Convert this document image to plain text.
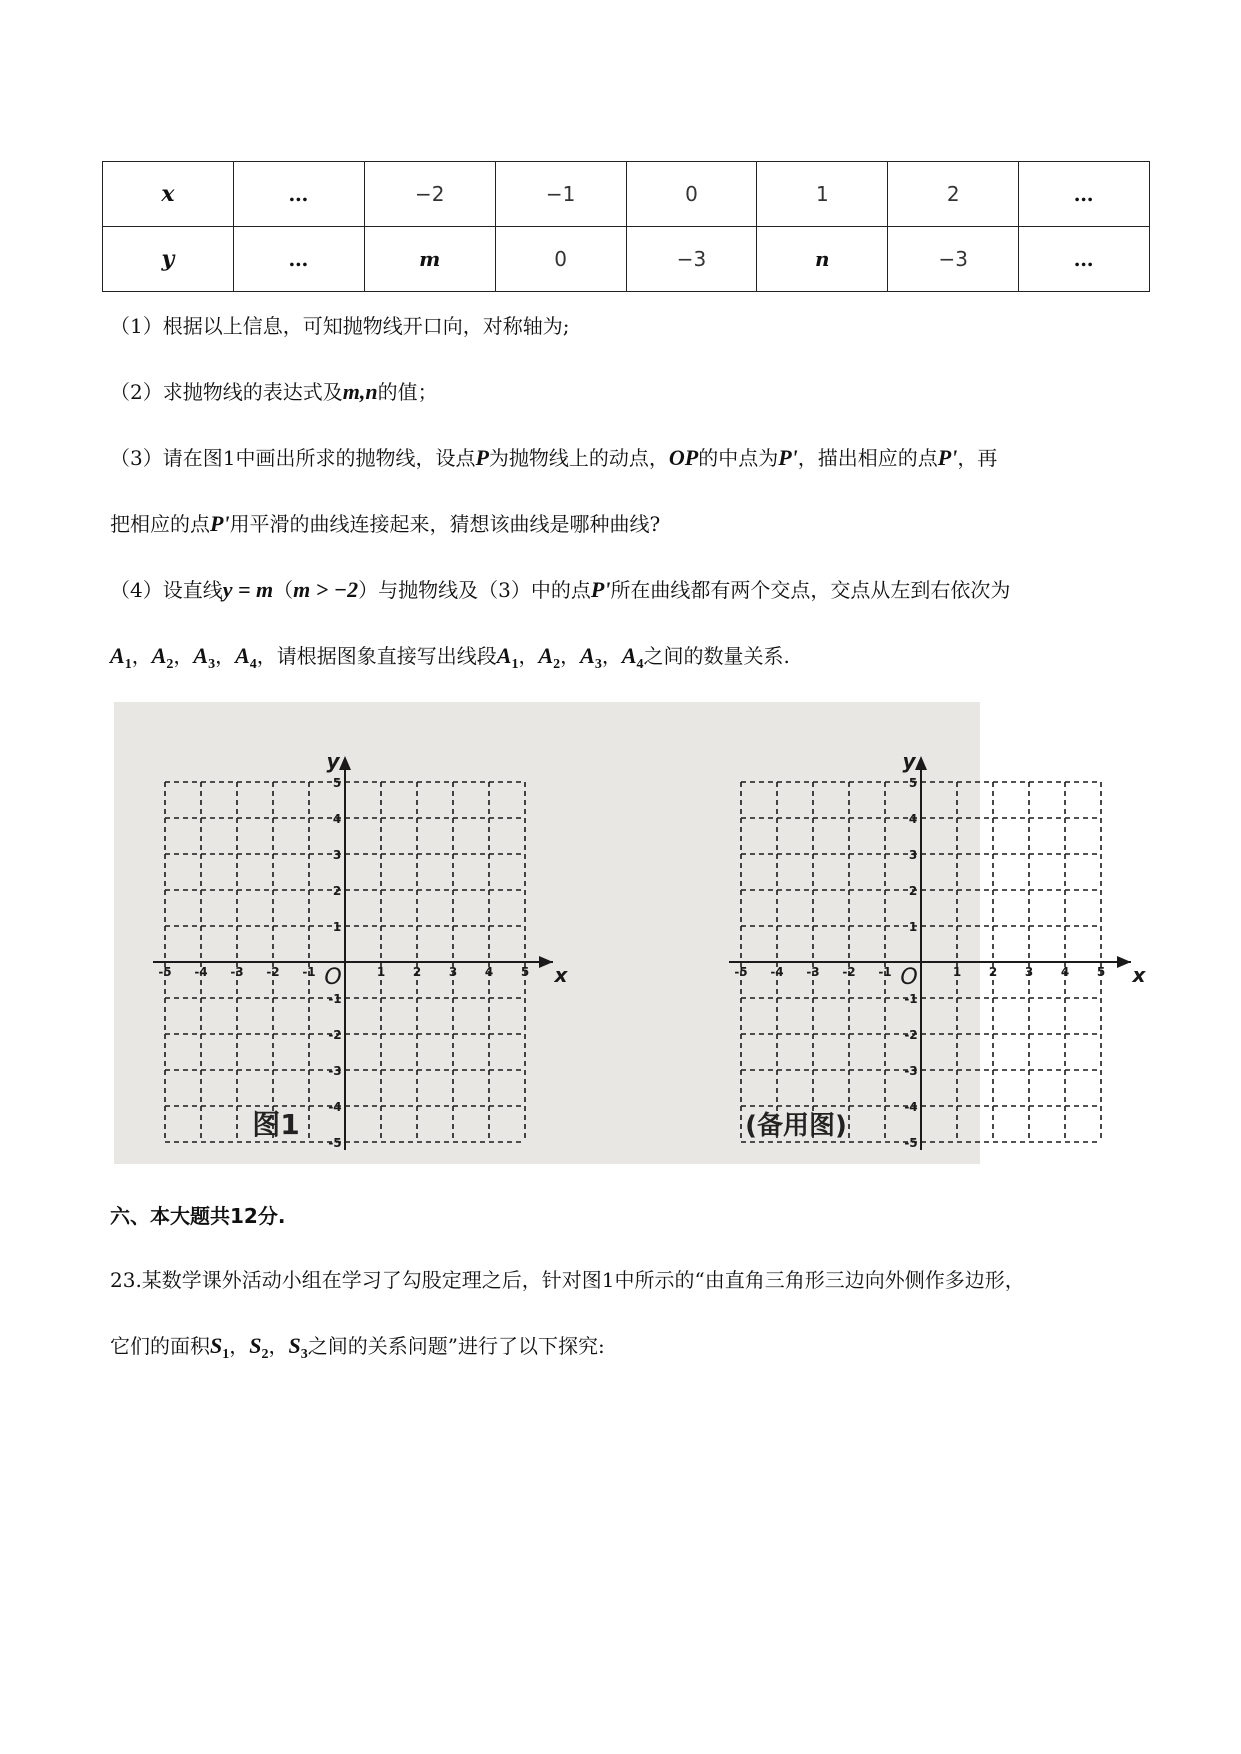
x	…	−2	−1	0	1	2	…
y	…	m	0	−3	n	−3	…
（1）根据以上信息，可知抛物线开口向，对称轴为;
（2）求抛物线的表达式及m,n的值；
（3）请在图1中画出所求的抛物线，设点P为抛物线上的动点，OP的中点为P'，描出相应的点P'，再
把相应的点P'用平滑的曲线连接起来，猜想该曲线是哪种曲线?
（4）设直线y = m（m > −2）与抛物线及（3）中的点P'所在曲线都有两个交点，交点从左到右依次为
$A_1$，$A_2$，$A_3$，$A_4$，请根据图象直接写出线段$A_1$，$A_2$，$A_3$，$A_4$之间的数量关系.
x
y
O
-5 -4 -3 -2 -1	1 2 3 4 5
5
-1
4
-2
3
-3
2
-4
1
-5
x
y
O
-5 -4 -3 -2 -1	1 2 3 4 5
5
-1
4
-2
3
-3
2
-4
1
-5
图1	(备用图)
六、本大题共12分.
23.某数学课外活动小组在学习了勾股定理之后，针对图1中所示的“由直角三角形三边向外侧作多边形，
它们的面积$S_1$，$S_2$，$S_3$之间的关系问题”进行了以下探究:
